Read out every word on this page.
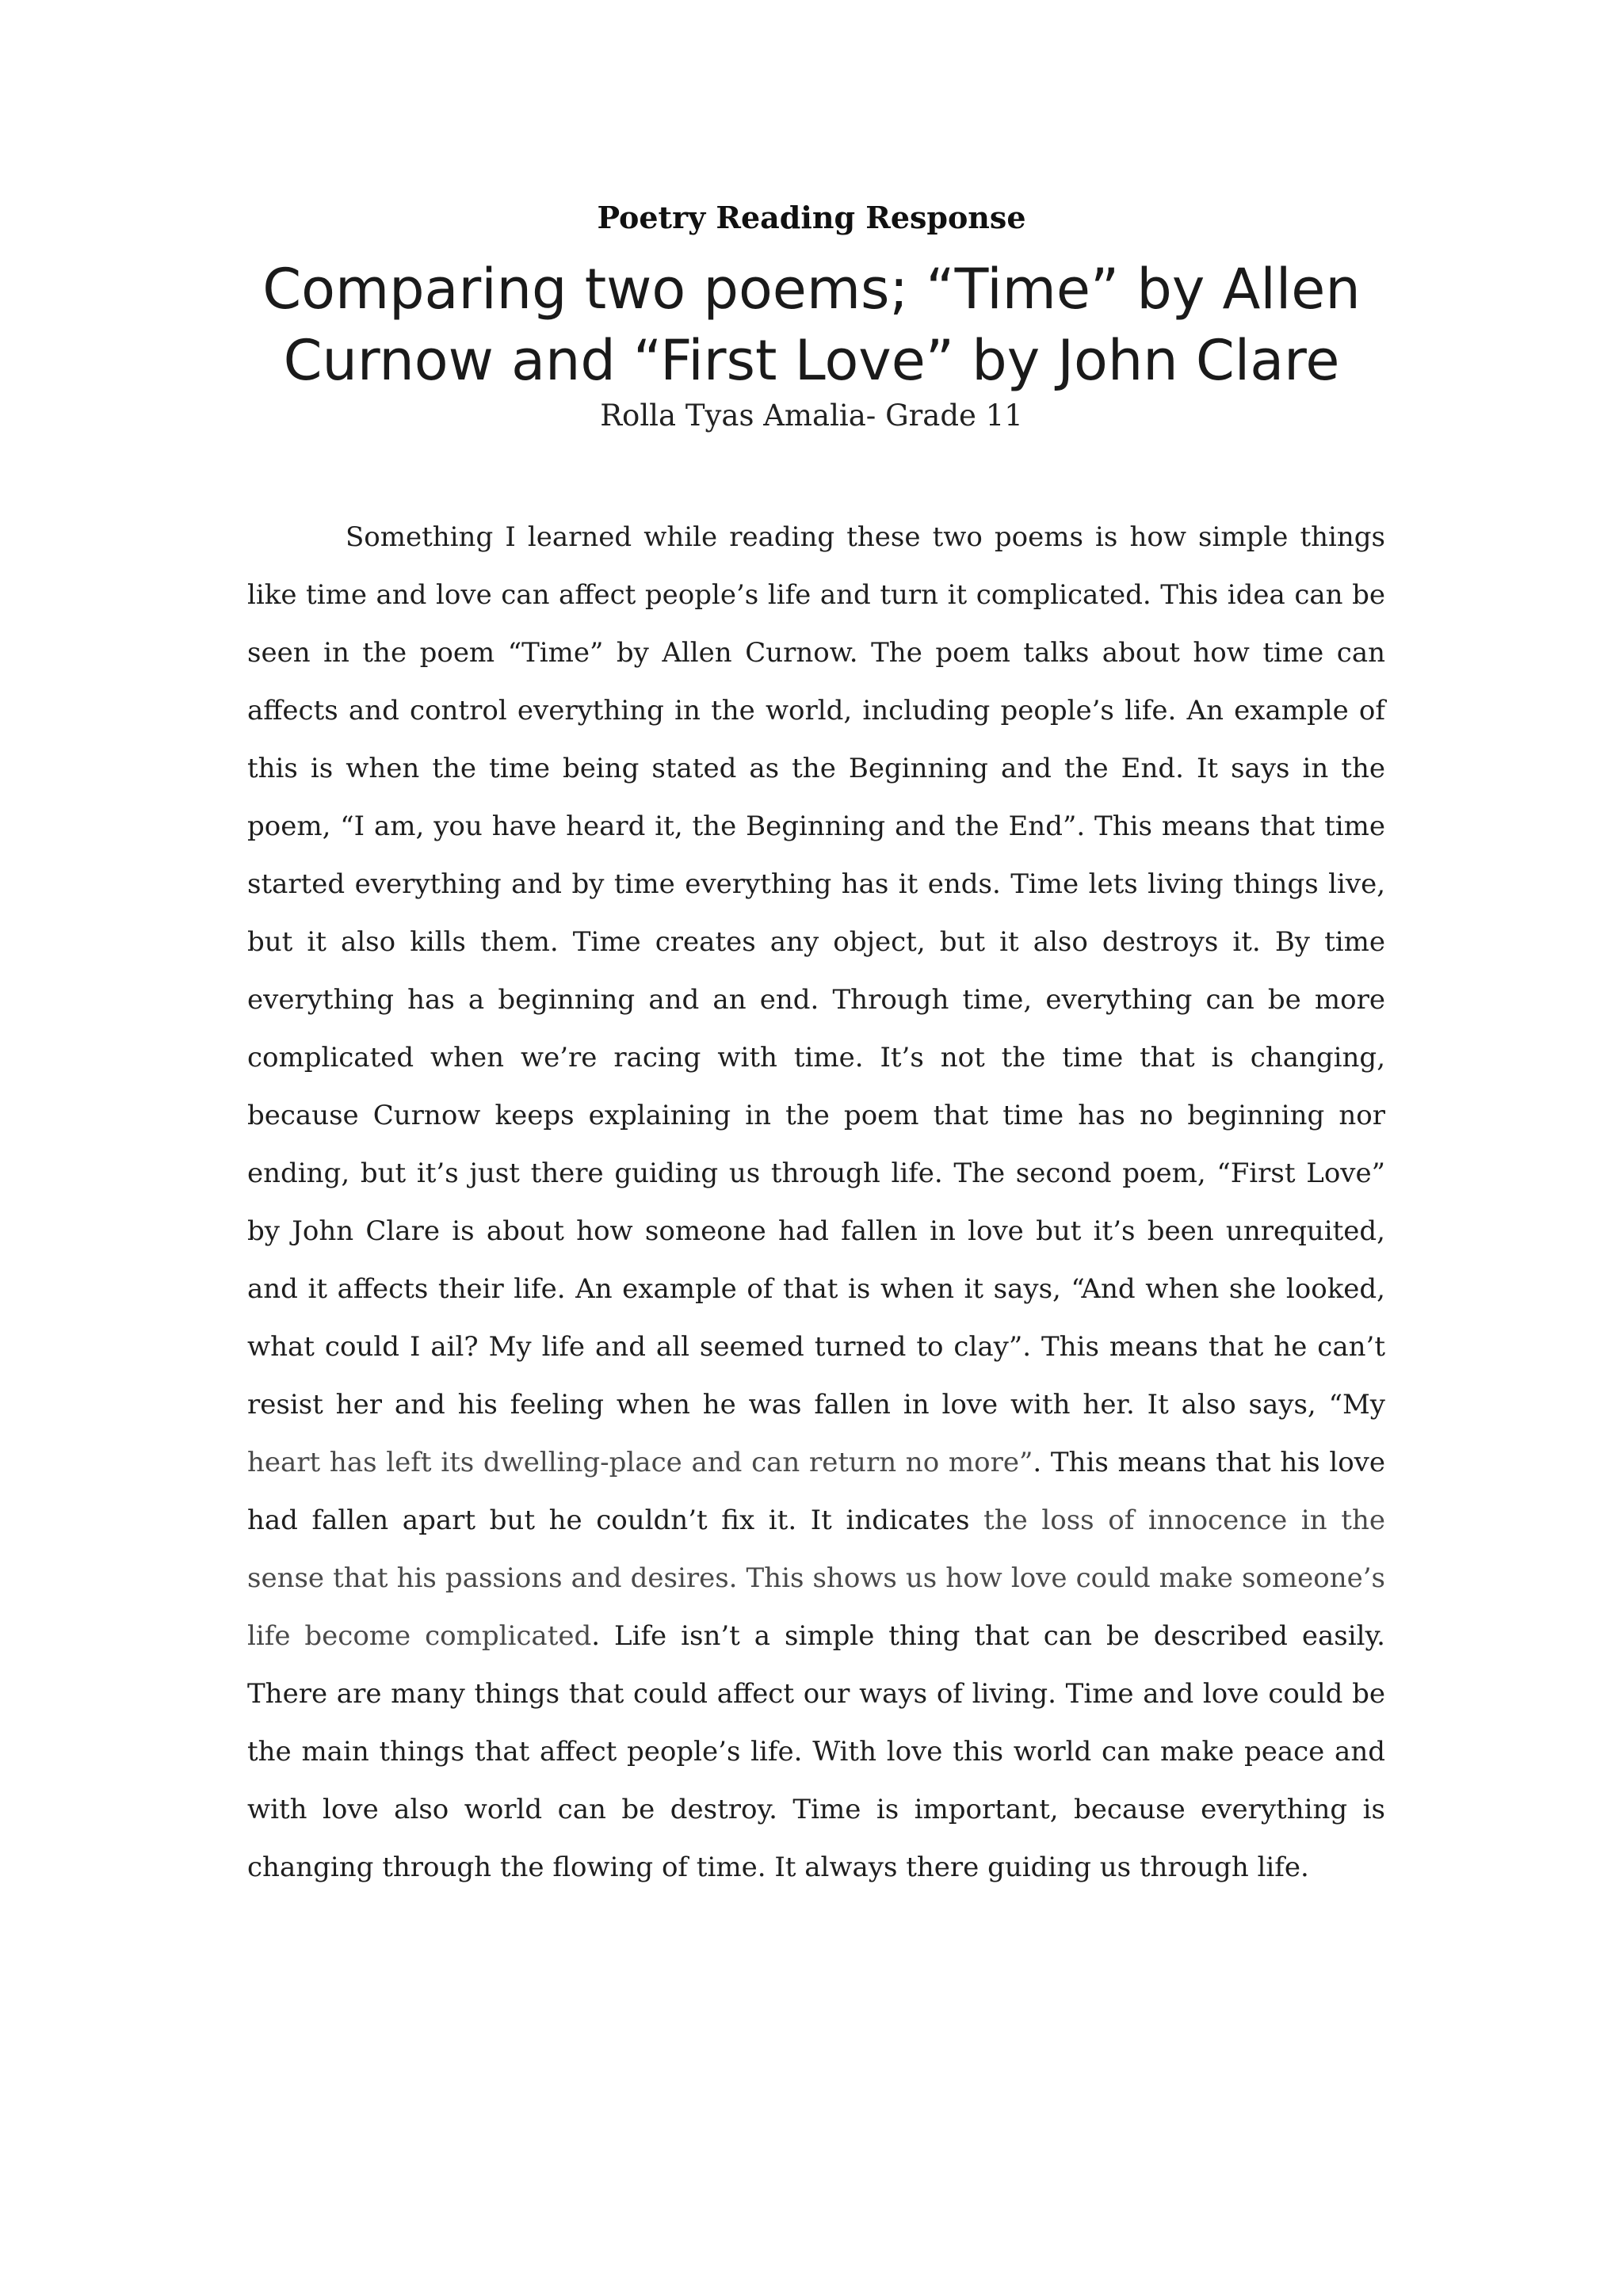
Poetry Reading Response
Comparing two poems; “Time” by Allen Curnow and “First Love” by John Clare
Rolla Tyas Amalia- Grade 11

Something I learned while reading these two poems is how simple things like time and love can affect people’s life and turn it complicated. This idea can be seen in the poem “Time” by Allen Curnow. The poem talks about how time can affects and control everything in the world, including people’s life. An example of this is when the time being stated as the Beginning and the End. It says in the poem, “I am, you have heard it, the Beginning and the End”. This means that time started everything and by time everything has it ends. Time lets living things live, but it also kills them. Time creates any object, but it also destroys it. By time everything has a beginning and an end. Through time, everything can be more complicated when we’re racing with time. It’s not the time that is changing, because Curnow keeps explaining in the poem that time has no beginning nor ending, but it’s just there guiding us through life. The second poem, “First Love” by John Clare is about how someone had fallen in love but it’s been unrequited, and it affects their life. An example of that is when it says, “And when she looked, what could I ail? My life and all seemed turned to clay”. This means that he can’t resist her and his feeling when he was fallen in love with her. It also says, “My heart has left its dwelling-place and can return no more”. This means that his love had fallen apart but he couldn’t fix it. It indicates the loss of innocence in the sense that his passions and desires. This shows us how love could make someone’s life become complicated. Life isn’t a simple thing that can be described easily. There are many things that could affect our ways of living. Time and love could be the main things that affect people’s life. With love this world can make peace and with love also world can be destroy. Time is important, because everything is changing through the flowing of time. It always there guiding us through life.
